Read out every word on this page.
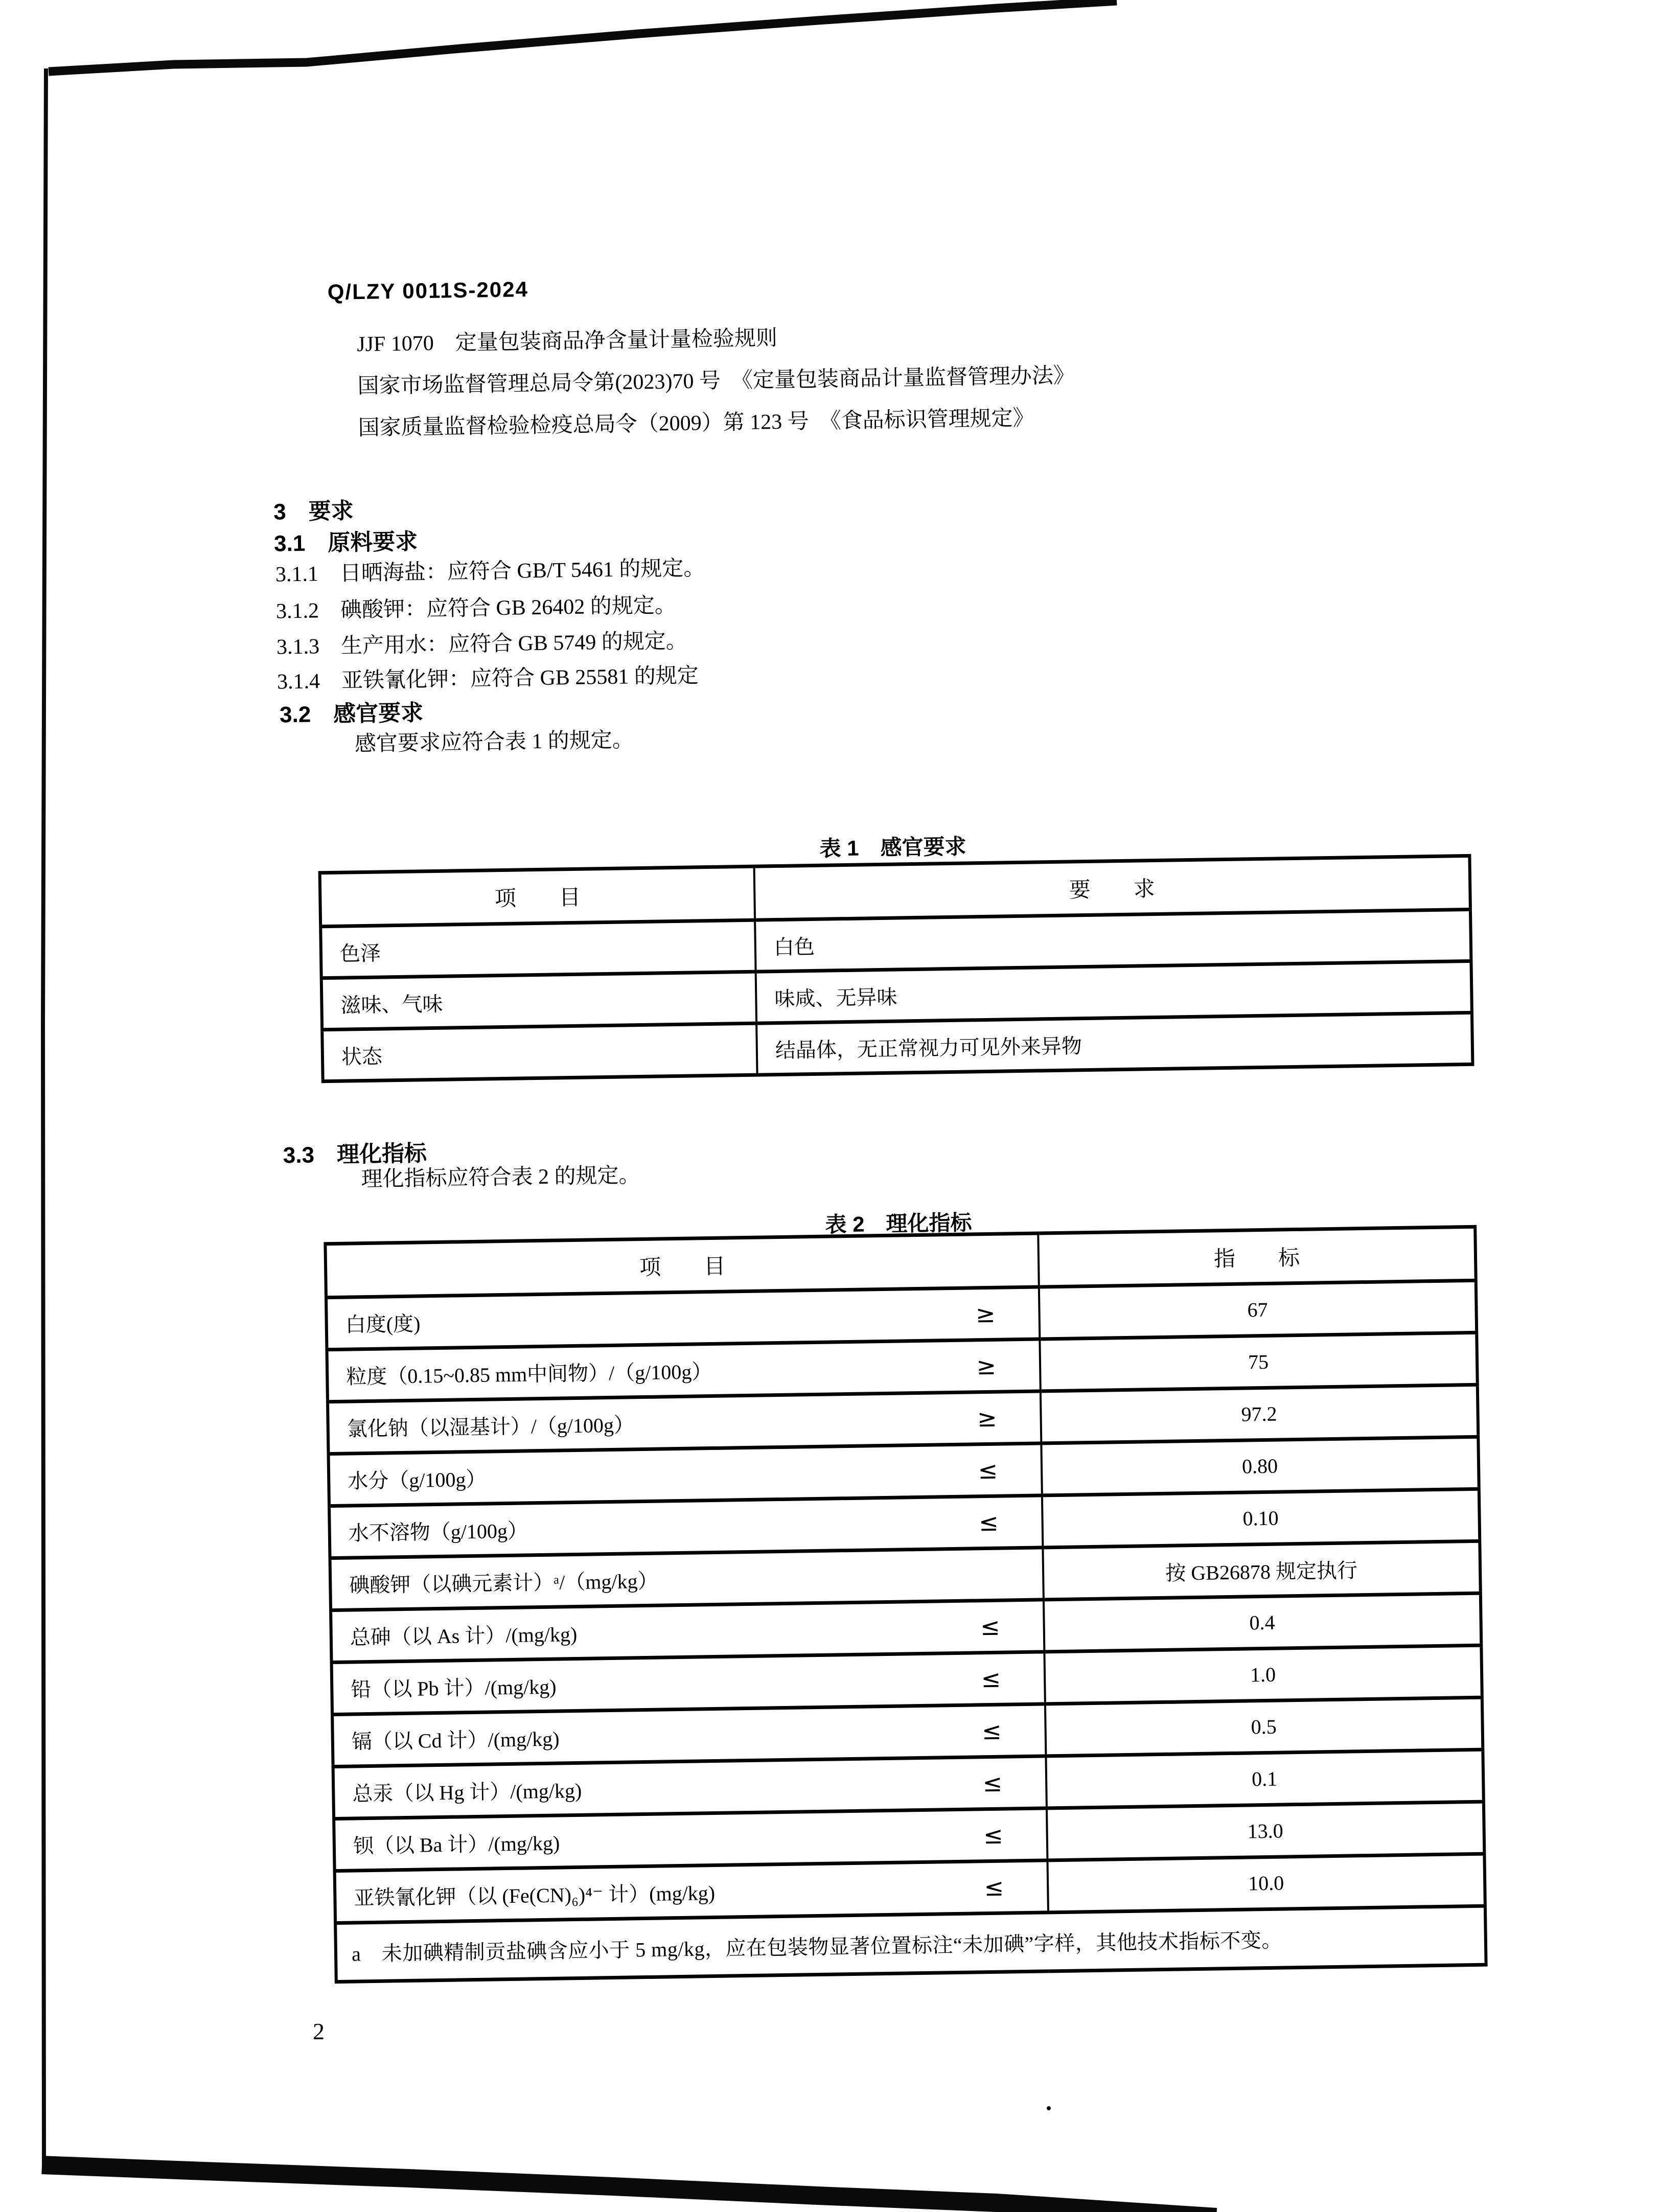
Q/LZY 0011S-2024
JJF 1070　定量包装商品净含量计量检验规则
国家市场监督管理总局令第(2023)70 号　《定量包装商品计量监督管理办法》
国家质量监督检验检疫总局令（2009）第 123 号　《食品标识管理规定》
3　要求
3.1　原料要求
3.1.1　日晒海盐：应符合 GB/T 5461 的规定。
3.1.2　碘酸钾：应符合 GB 26402 的规定。
3.1.3　生产用水：应符合 GB 5749 的规定。
3.1.4　亚铁氰化钾：应符合 GB 25581 的规定
3.2　感官要求
感官要求应符合表 1 的规定。
表 1　感官要求
项　　目	要　　求
色泽	白色
滋味、气味	味咸、无异味
状态	结晶体，无正常视力可见外来异物
3.3　理化指标
理化指标应符合表 2 的规定。
表 2　理化指标
项　　目	指　　标

白度(度) ≥	67

粒度（0.15~0.85 mm中间物）/（g/100g） ≥	75

氯化钠（以湿基计）/（g/100g） ≥	97.2

水分（g/100g） ≤	0.80

水不溶物（g/100g） ≤	0.10

碘酸钾（以碘元素计）ᵃ/（mg/kg）	按 GB26878 规定执行

总砷（以 As 计）/(mg/kg) ≤	0.4

铅（以 Pb 计）/(mg/kg) ≤	1.0

镉（以 Cd 计）/(mg/kg) ≤	0.5

总汞（以 Hg 计）/(mg/kg) ≤	0.1

钡（以 Ba 计）/(mg/kg) ≤	13.0

亚铁氰化钾（以 (Fe(CN)₆)⁴⁻ 计）(mg/kg) ≤	10.0
a　未加碘精制贡盐碘含应小于 5 mg/kg，应在包装物显著位置标注“未加碘”字样，其他技术指标不变。	
2
